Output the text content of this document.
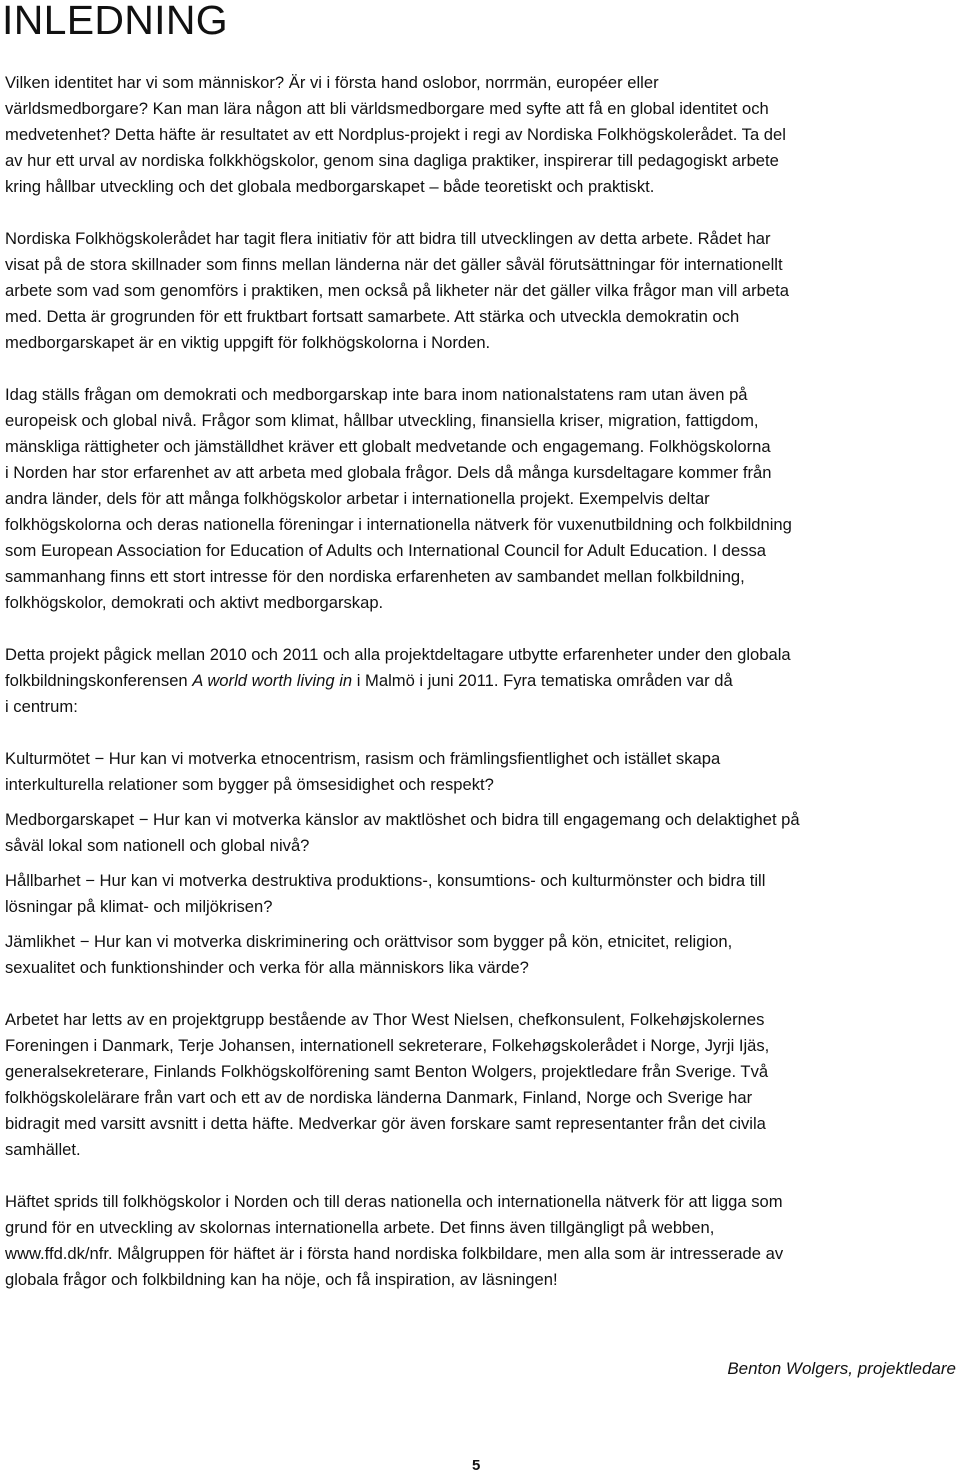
INLEDNING

Vilken identitet har vi som människor? Är vi i första hand oslobor, norrmän, européer eller
världsmedborgare? Kan man lära någon att bli världsmedborgare med syfte att få en global identitet och
medvetenhet? Detta häfte är resultatet av ett Nordplus-projekt i regi av Nordiska Folkhögskolerådet. Ta del
av hur ett urval av nordiska folkkhögskolor, genom sina dagliga praktiker, inspirerar till pedagogiskt arbete
kring hållbar utveckling och det globala medborgarskapet – både teoretiskt och praktiskt.

Nordiska Folkhögskolerådet har tagit flera initiativ för att bidra till utvecklingen av detta arbete. Rådet har
visat på de stora skillnader som finns mellan länderna när det gäller såväl förutsättningar för internationellt
arbete som vad som genomförs i praktiken, men också på likheter när det gäller vilka frågor man vill arbeta
med. Detta är grogrunden för ett fruktbart fortsatt samarbete. Att stärka och utveckla demokratin och
medborgarskapet är en viktig uppgift för folkhögskolorna i Norden.

Idag ställs frågan om demokrati och medborgarskap inte bara inom nationalstatens ram utan även på
europeisk och global nivå. Frågor som klimat, hållbar utveckling, finansiella kriser, migration, fattigdom,
mänskliga rättigheter och jämställdhet kräver ett globalt medvetande och engagemang. Folkhögskolorna
i Norden har stor erfarenhet av att arbeta med globala frågor. Dels då många kursdeltagare kommer från
andra länder, dels för att många folkhögskolor arbetar i internationella projekt. Exempelvis deltar
folkhögskolorna och deras nationella föreningar i internationella nätverk för vuxenutbildning och folkbildning
som European Association for Education of Adults och International Council for Adult Education. I dessa
sammanhang finns ett stort intresse för den nordiska erfarenheten av sambandet mellan folkbildning,
folkhögskolor, demokrati och aktivt medborgarskap.

Detta projekt pågick mellan 2010 och 2011 och alla projektdeltagare utbytte erfarenheter under den globala
folkbildningskonferensen A world worth living in i Malmö i juni 2011. Fyra tematiska områden var då
i centrum:

Kulturmötet − Hur kan vi motverka etnocentrism, rasism och främlingsfientlighet och istället skapa
interkulturella relationer som bygger på ömsesidighet och respekt?

Medborgarskapet − Hur kan vi motverka känslor av maktlöshet och bidra till engagemang och delaktighet på
såväl lokal som nationell och global nivå?

Hållbarhet − Hur kan vi motverka destruktiva produktions-, konsumtions- och kulturmönster och bidra till
lösningar på klimat- och miljökrisen?

Jämlikhet − Hur kan vi motverka diskriminering och orättvisor som bygger på kön, etnicitet, religion,
sexualitet och funktionshinder och verka för alla människors lika värde?

Arbetet har letts av en projektgrupp bestående av Thor West Nielsen, chefkonsulent, Folkehøjskolernes
Foreningen i Danmark, Terje Johansen, internationell sekreterare, Folkehøgskolerådet i Norge, Jyrji Ijäs,
generalsekreterare, Finlands Folkhögskolförening samt Benton Wolgers, projektledare från Sverige. Två
folkhögskolelärare från vart och ett av de nordiska länderna Danmark, Finland, Norge och Sverige har
bidragit med varsitt avsnitt i detta häfte. Medverkar gör även forskare samt representanter från det civila
samhället.

Häftet sprids till folkhögskolor i Norden och till deras nationella och internationella nätverk för att ligga som
grund för en utveckling av skolornas internationella arbete. Det finns även tillgängligt på webben,
www.ffd.dk/nfr. Målgruppen för häftet är i första hand nordiska folkbildare, men alla som är intresserade av
globala frågor och folkbildning kan ha nöje, och få inspiration, av läsningen!

Benton Wolgers, projektledare
5
